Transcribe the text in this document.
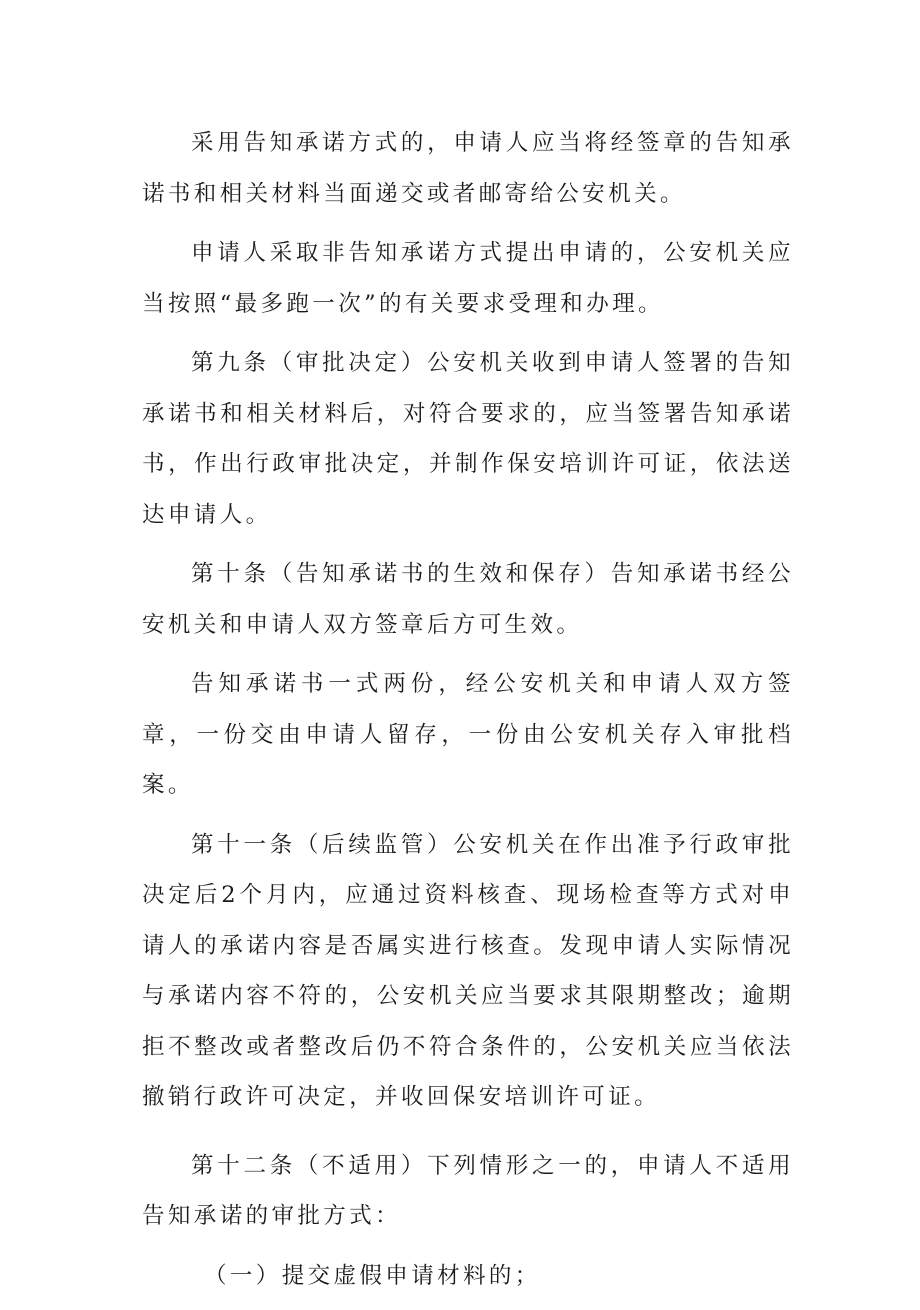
采用告知承诺方式的，申请人应当将经签章的告知承诺书和相关材料当面递交或者邮寄给公安机关。

申请人采取非告知承诺方式提出申请的，公安机关应当按照“最多跑一次”的有关要求受理和办理。

第九条（审批决定）公安机关收到申请人签署的告知承诺书和相关材料后，对符合要求的，应当签署告知承诺书，作出行政审批决定，并制作保安培训许可证，依法送达申请人。

第十条（告知承诺书的生效和保存）告知承诺书经公安机关和申请人双方签章后方可生效。

告知承诺书一式两份，经公安机关和申请人双方签章，一份交由申请人留存，一份由公安机关存入审批档案。

第十一条（后续监管）公安机关在作出准予行政审批决定后2个月内，应通过资料核查、现场检查等方式对申请人的承诺内容是否属实进行核查。发现申请人实际情况与承诺内容不符的，公安机关应当要求其限期整改；逾期拒不整改或者整改后仍不符合条件的，公安机关应当依法撤销行政许可决定，并收回保安培训许可证。

第十二条（不适用）下列情形之一的，申请人不适用告知承诺的审批方式：

（一）提交虚假申请材料的；
